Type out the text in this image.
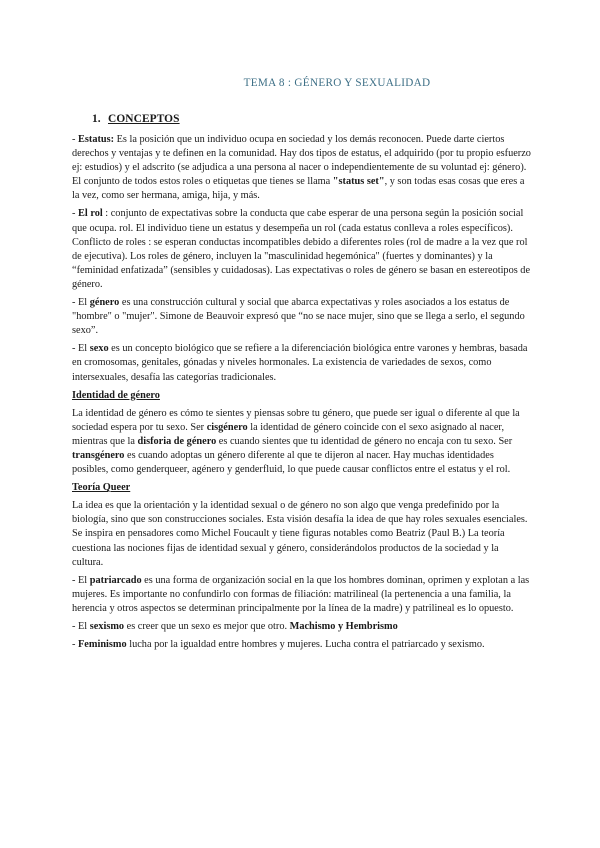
TEMA 8 : GÉNERO Y SEXUALIDAD
1. CONCEPTOS

- Estatus: Es la posición que un individuo ocupa en sociedad y los demás reconocen. Puede darte ciertos derechos y ventajas y te definen en la comunidad. Hay dos tipos de estatus, el adquirido (por tu propio esfuerzo ej: estudios) y el adscrito (se adjudica a una persona al nacer o independientemente de su voluntad ej: género). El conjunto de todos estos roles o etiquetas que tienes se llama "status set", y son todas esas cosas que eres a la vez, como ser hermana, amiga, hija, y más.

- El rol : conjunto de expectativas sobre la conducta que cabe esperar de una persona según la posición social que ocupa. rol. El individuo tiene un estatus y desempeña un rol (cada estatus conlleva a roles específicos). Conflicto de roles : se esperan conductas incompatibles debido a diferentes roles (rol de madre a la vez que rol de ejecutiva). Los roles de género, incluyen la "masculinidad hegemónica" (fuertes y dominantes) y la “feminidad enfatizada” (sensibles y cuidadosas). Las expectativas o roles de género se basan en estereotipos de género.

- El género es una construcción cultural y social que abarca expectativas y roles asociados a los estatus de "hombre" o "mujer". Simone de Beauvoir expresó que “no se nace mujer, sino que se llega a serlo, el segundo sexo”.

- El sexo es un concepto biológico que se refiere a la diferenciación biológica entre varones y hembras, basada en cromosomas, genitales, gónadas y niveles hormonales. La existencia de variedades de sexos, como intersexuales, desafía las categorías tradicionales.

Identidad de género

La identidad de género es cómo te sientes y piensas sobre tu género, que puede ser igual o diferente al que la sociedad espera por tu sexo. Ser cisgénero la identidad de género coincide con el sexo asignado al nacer, mientras que la disforia de género es cuando sientes que tu identidad de género no encaja con tu sexo. Ser transgénero es cuando adoptas un género diferente al que te dijeron al nacer. Hay muchas identidades posibles, como genderqueer, agénero y genderfluid, lo que puede causar conflictos entre el estatus y el rol.

Teoría Queer

La idea es que la orientación y la identidad sexual o de género no son algo que venga predefinido por la biología, sino que son construcciones sociales. Esta visión desafía la idea de que hay roles sexuales esenciales. Se inspira en pensadores como Michel Foucault y tiene figuras notables como Beatriz (Paul B.) La teoría cuestiona las nociones fijas de identidad sexual y género, considerándolos productos de la sociedad y la cultura.

- El patriarcado es una forma de organización social en la que los hombres dominan, oprimen y explotan a las mujeres. Es importante no confundirlo con formas de filiación: matrilineal (la pertenencia a una familia, la herencia y otros aspectos se determinan principalmente por la línea de la madre) y patrilineal es lo opuesto.

- El sexismo es creer que un sexo es mejor que otro. Machismo y Hembrismo

- Feminismo lucha por la igualdad entre hombres y mujeres. Lucha contra el patriarcado y sexismo.
